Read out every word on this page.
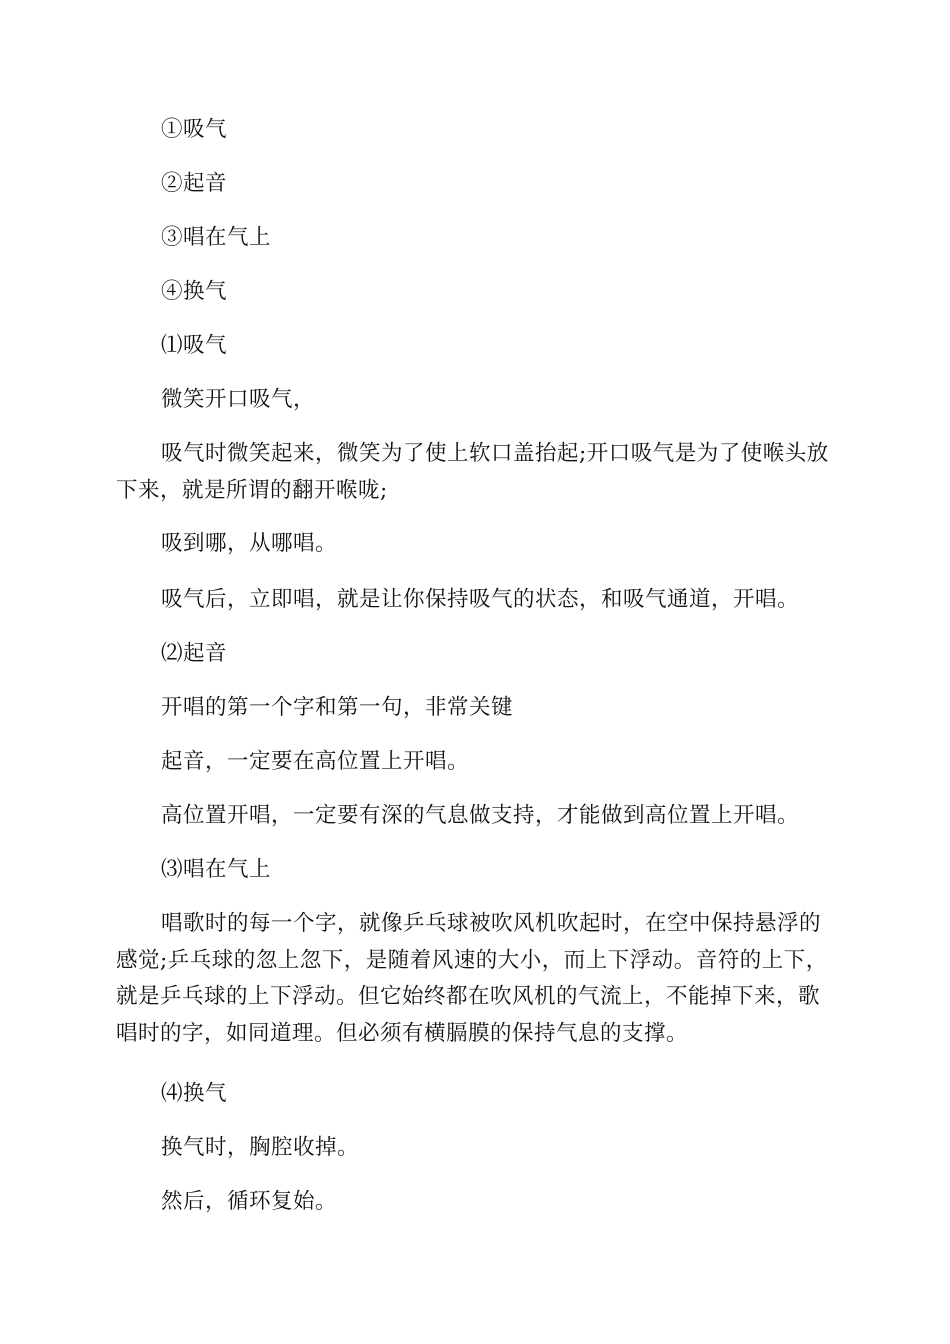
①吸气

②起音

③唱在气上

④换气

⑴吸气

微笑开口吸气，

吸气时微笑起来，微笑为了使上软口盖抬起;开口吸气是为了使喉头放下来，就是所谓的翻开喉咙;

吸到哪，从哪唱。

吸气后，立即唱，就是让你保持吸气的状态，和吸气通道，开唱。

⑵起音

开唱的第一个字和第一句，非常关键

起音，一定要在高位置上开唱。

高位置开唱，一定要有深的气息做支持，才能做到高位置上开唱。

⑶唱在气上

唱歌时的每一个字，就像乒乓球被吹风机吹起时，在空中保持悬浮的感觉;乒乓球的忽上忽下，是随着风速的大小，而上下浮动。音符的上下，就是乒乓球的上下浮动。但它始终都在吹风机的气流上，不能掉下来，歌唱时的字，如同道理。但必须有横膈膜的保持气息的支撑。

⑷换气

换气时，胸腔收掉。

然后，循环复始。
